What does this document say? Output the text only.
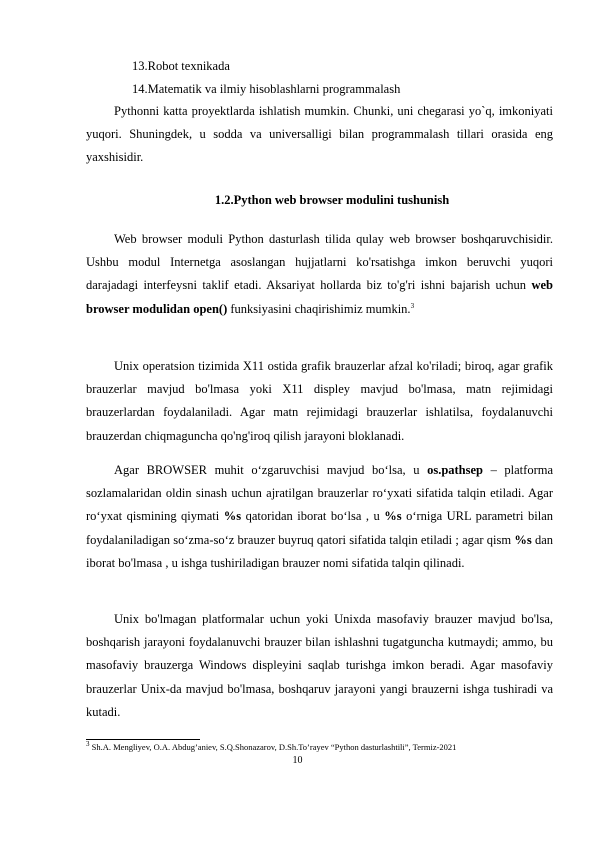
13.Robot texnikada
14.Matematik va ilmiy hisoblashlarni programmalash

Pythonni katta proyektlarda ishlatish mumkin. Chunki, uni chegarasi yo`q, imkoniyati yuqori. Shuningdek, u sodda va universalligi bilan programmalash tillari orasida eng yaxshisidir.

1.2.Python web browser modulini tushunish

Web browser moduli Python dasturlash tilida qulay web browser boshqaruvchisidir. Ushbu modul Internetga asoslangan hujjatlarni ko'rsatishga imkon beruvchi yuqori darajadagi interfeysni taklif etadi. Aksariyat hollarda biz to'g'ri ishni bajarish uchun web browser modulidan open() funksiyasini chaqirishimiz mumkin.$^3$

Unix operatsion tizimida X11 ostida grafik brauzerlar afzal ko'riladi; biroq, agar grafik brauzerlar mavjud bo'lmasa yoki X11 displey mavjud bo'lmasa, matn rejimidagi brauzerlardan foydalaniladi. Agar matn rejimidagi brauzerlar ishlatilsa, foydalanuvchi brauzerdan chiqmaguncha qo'ng'iroq qilish jarayoni bloklanadi.

Agar BROWSER muhit o‘zgaruvchisi mavjud bo‘lsa, u os.pathsep – platforma sozlamalaridan oldin sinash uchun ajratilgan brauzerlar ro‘yxati sifatida talqin etiladi. Agar ro‘yxat qismining qiymati %s qatoridan iborat bo‘lsa , u %s o‘rniga URL parametri bilan foydalaniladigan so‘zma-so‘z brauzer buyruq qatori sifatida talqin etiladi ; agar qism %s dan iborat bo'lmasa , u ishga tushiriladigan brauzer nomi sifatida talqin qilinadi.

Unix bo'lmagan platformalar uchun yoki Unixda masofaviy brauzer mavjud bo'lsa, boshqarish jarayoni foydalanuvchi brauzer bilan ishlashni tugatguncha kutmaydi; ammo, bu masofaviy brauzerga Windows displeyini saqlab turishga imkon beradi. Agar masofaviy brauzerlar Unix-da mavjud bo'lmasa, boshqaruv jarayoni yangi brauzerni ishga tushiradi va kutadi.

$^3$ Sh.A. Mengliyev, O.A. Abdug’aniev, S.Q.Shonazarov, D.Sh.To’rayev “Python dasturlashtili”, Termiz-2021
10
